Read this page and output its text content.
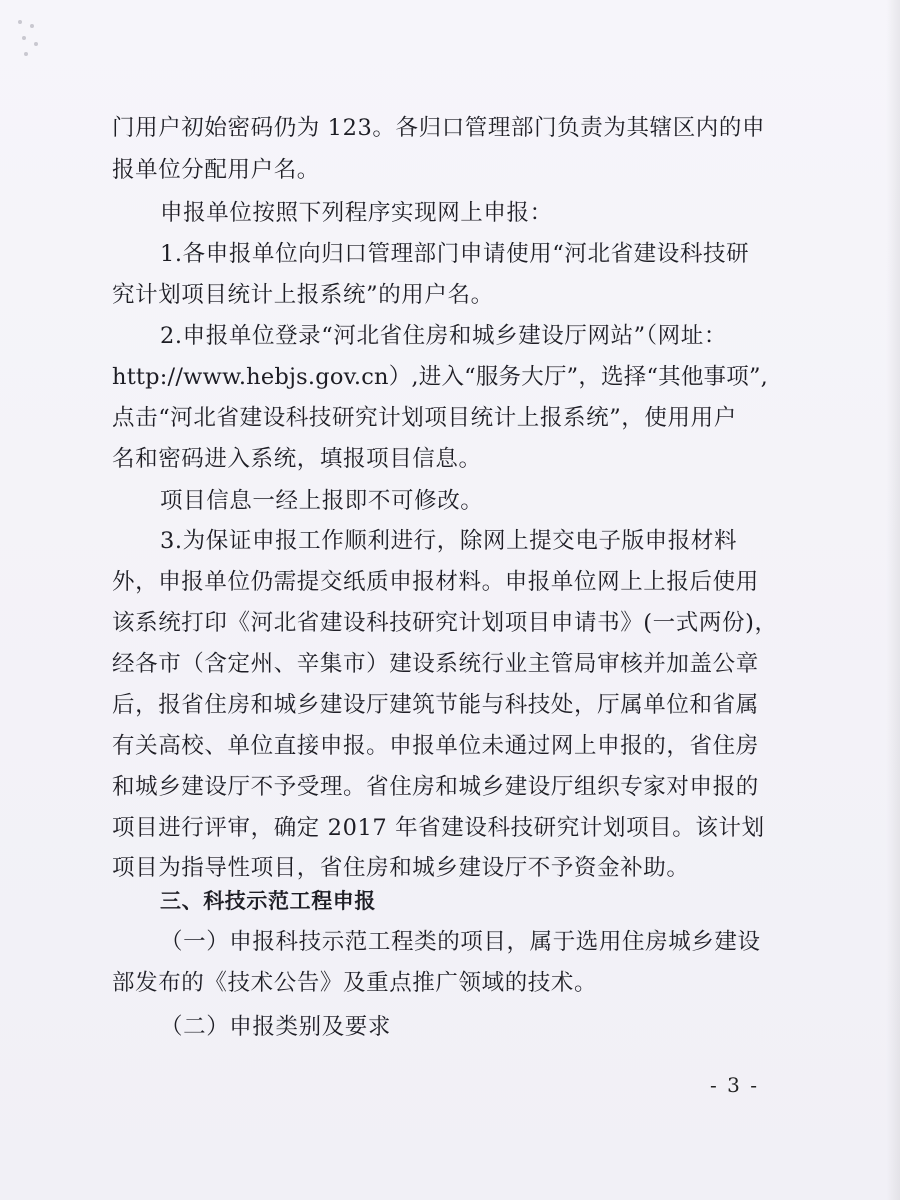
门用户初始密码仍为 123。各归口管理部门负责为其辖区内的申
报单位分配用户名。
申报单位按照下列程序实现网上申报：
1.各申报单位向归口管理部门申请使用“河北省建设科技研
究计划项目统计上报系统”的用户名。
2.申报单位登录“河北省住房和城乡建设厅网站”（网址：
http://www.hebjs.gov.cn）,进入“服务大厅”，选择“其他事项”,
点击“河北省建设科技研究计划项目统计上报系统”，使用用户
名和密码进入系统，填报项目信息。
项目信息一经上报即不可修改。
3.为保证申报工作顺利进行，除网上提交电子版申报材料
外，申报单位仍需提交纸质申报材料。申报单位网上上报后使用
该系统打印《河北省建设科技研究计划项目申请书》(一式两份)，
经各市（含定州、辛集市）建设系统行业主管局审核并加盖公章
后，报省住房和城乡建设厅建筑节能与科技处，厅属单位和省属
有关高校、单位直接申报。申报单位未通过网上申报的，省住房
和城乡建设厅不予受理。省住房和城乡建设厅组织专家对申报的
项目进行评审，确定 2017 年省建设科技研究计划项目。该计划
项目为指导性项目，省住房和城乡建设厅不予资金补助。
三、科技示范工程申报
（一）申报科技示范工程类的项目，属于选用住房城乡建设
部发布的《技术公告》及重点推广领域的技术。
（二）申报类别及要求
- 3 -
